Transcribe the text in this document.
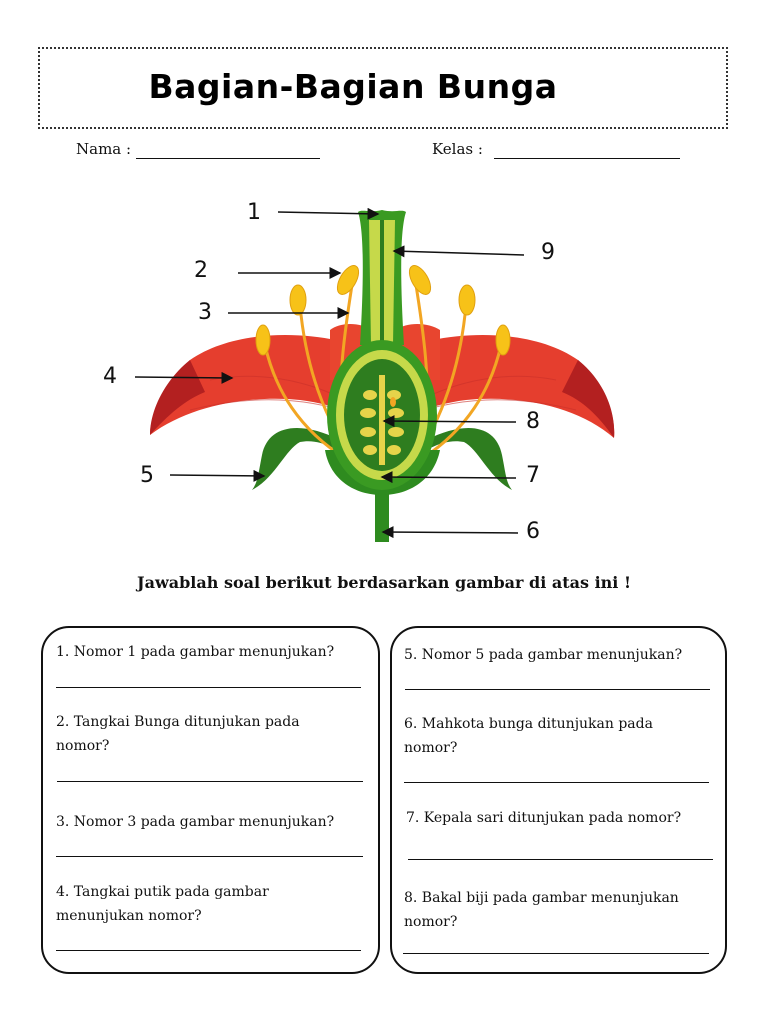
Bagian-Bagian Bunga
Nama :	Kelas :
1
2
3
4
5
6
7
8
9
Jawablah soal berikut berdasarkan gambar di atas ini !
1. Nomor 1 pada gambar menunjukan?
2. Tangkai Bunga ditunjukan pada
nomor?
3. Nomor 3 pada gambar menunjukan?
4. Tangkai putik pada gambar
menunjukan nomor?
5. Nomor 5 pada gambar menunjukan?
6. Mahkota bunga ditunjukan pada
nomor?
7. Kepala sari ditunjukan pada nomor?
8. Bakal biji pada gambar menunjukan
nomor?
